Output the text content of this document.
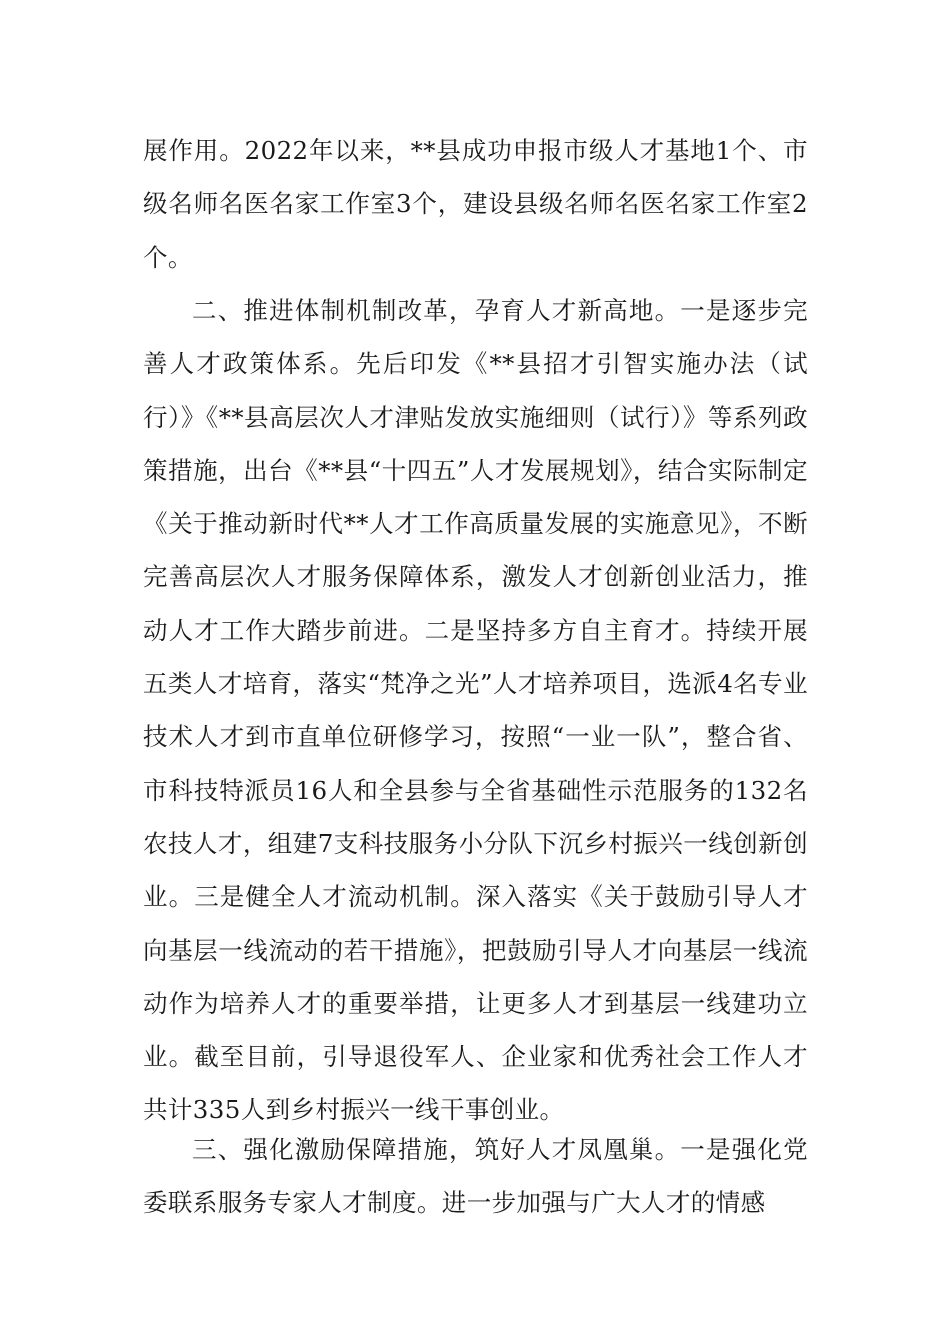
展作用。2022年以来，**县成功申报市级人才基地1个、市级名师名医名家工作室3个，建设县级名师名医名家工作室2个。

二、推进体制机制改革，孕育人才新高地。一是逐步完善人才政策体系。先后印发《**县招才引智实施办法（试行）》《**县高层次人才津贴发放实施细则（试行）》等系列政策措施，出台《**县“十四五”人才发展规划》，结合实际制定《关于推动新时代**人才工作高质量发展的实施意见》，不断完善高层次人才服务保障体系，激发人才创新创业活力，推动人才工作大踏步前进。二是坚持多方自主育才。持续开展五类人才培育，落实“梵净之光”人才培养项目，选派4名专业技术人才到市直单位研修学习，按照“一业一队”，整合省、市科技特派员16人和全县参与全省基础性示范服务的132名农技人才，组建7支科技服务小分队下沉乡村振兴一线创新创业。三是健全人才流动机制。深入落实《关于鼓励引导人才向基层一线流动的若干措施》，把鼓励引导人才向基层一线流动作为培养人才的重要举措，让更多人才到基层一线建功立业。截至目前，引导退役军人、企业家和优秀社会工作人才共计335人到乡村振兴一线干事创业。

三、强化激励保障措施，筑好人才凤凰巢。一是强化党委联系服务专家人才制度。进一步加强与广大人才的情感
